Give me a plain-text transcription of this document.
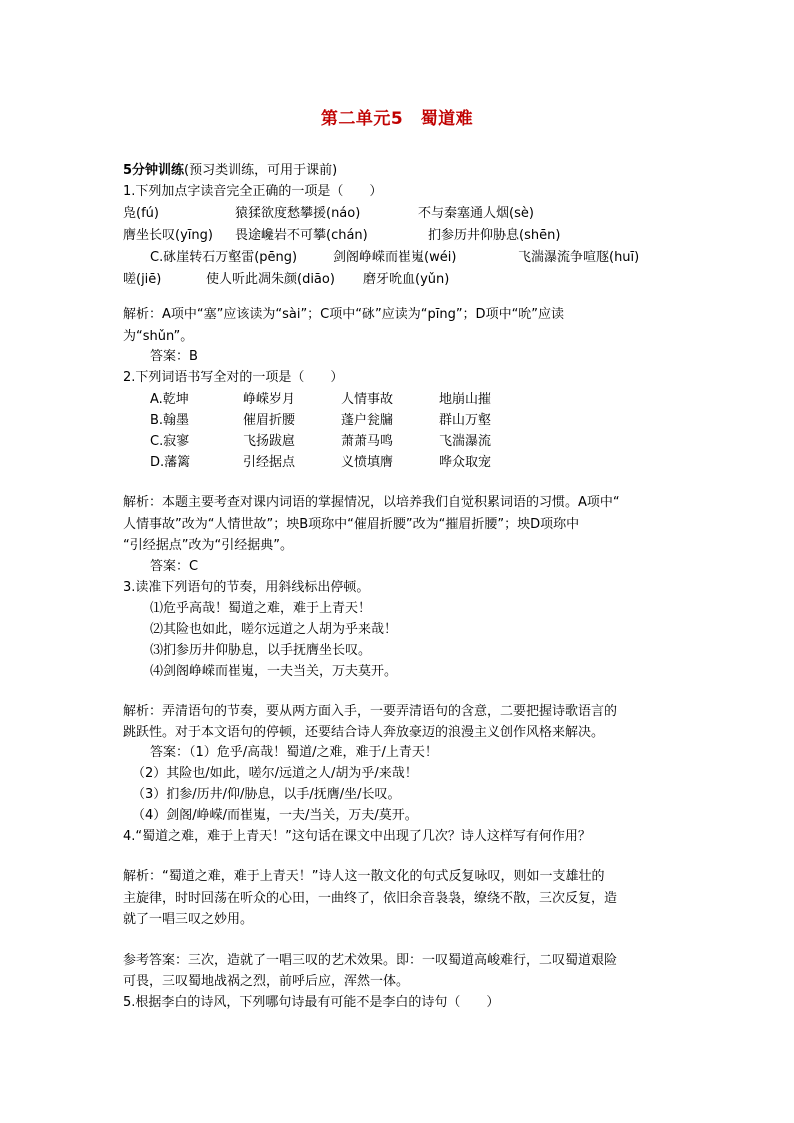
第二单元5　蜀道难
5分钟训练(预习类训练，可用于课前)
1.下列加点字读音完全正确的一项是（　　）
凫(fú)	猿猱欲度愁攀援(náo)	不与秦塞通人烟(sè)
膺坐长叹(yīng) 畏途巉岩不可攀(chán)	扪参历井仰胁息(shēn)
C.砯崖转石万壑雷(pēng)	剑阁峥嵘而崔嵬(wéi)	飞湍瀑流争喧豗(huī)
嗟(jiē)	使人听此凋朱颜(diāo) 磨牙吮血(yǔn)
解析：A项中“塞”应该读为“sài”；C项中“砯”应读为“pīng”；D项中“吮”应读
为“shǔn”。
答案：B
2.下列词语书写全对的一项是（　　）
A.乾坤	峥嵘岁月	人情事故	地崩山摧
B.翰墨	催眉折腰	蓬户瓮牖	群山万壑
C.寂寥	飞扬跋扈	萧萧马鸣	飞湍瀑流
D.藩篱	引经据点	义愤填膺	哗众取宠
解析：本题主要考查对课内词语的掌握情况，以培养我们自觉积累词语的习惯。A项中“
人情事故”改为“人情世故”；坱B项珎中“催眉折腰”改为“摧眉折腰”；坱D项珎中
“引经据点”改为“引经据典”。
答案：C
3.读准下列语句的节奏，用斜线标出停顿。
⑴危乎高哉！蜀道之难，难于上青天！
⑵其险也如此，嗟尔远道之人胡为乎来哉！
⑶扪参历井仰胁息，以手抚膺坐长叹。
⑷剑阁峥嵘而崔嵬，一夫当关，万夫莫开。
解析：弄清语句的节奏，要从两方面入手，一要弄清语句的含意，二要把握诗歌语言的
跳跃性。对于本文语句的停顿，还要结合诗人奔放豪迈的浪漫主义创作风格来解决。
答案：（1）危乎/高哉！蜀道/之难，难于/上青天！
（2）其险也/如此，嗟尔/远道之人/胡为乎/来哉！
（3）扪参/历井/仰/胁息，以手/抚膺/坐/长叹。
（4）剑阁/峥嵘/而崔嵬，一夫/当关，万夫/莫开。
4.“蜀道之难，难于上青天！”这句话在课文中出现了几次？诗人这样写有何作用？
解析：“蜀道之难，难于上青天！”诗人这一散文化的句式反复咏叹，则如一支雄壮的
主旋律，时时回荡在听众的心田，一曲终了，依旧余音袅袅，缭绕不散，三次反复，造
就了一唱三叹之妙用。
参考答案：三次，造就了一唱三叹的艺术效果。即：一叹蜀道高峻难行，二叹蜀道艰险
可畏，三叹蜀地战祸之烈，前呼后应，浑然一体。
5.根据李白的诗风，下列哪句诗最有可能不是李白的诗句（　　）
